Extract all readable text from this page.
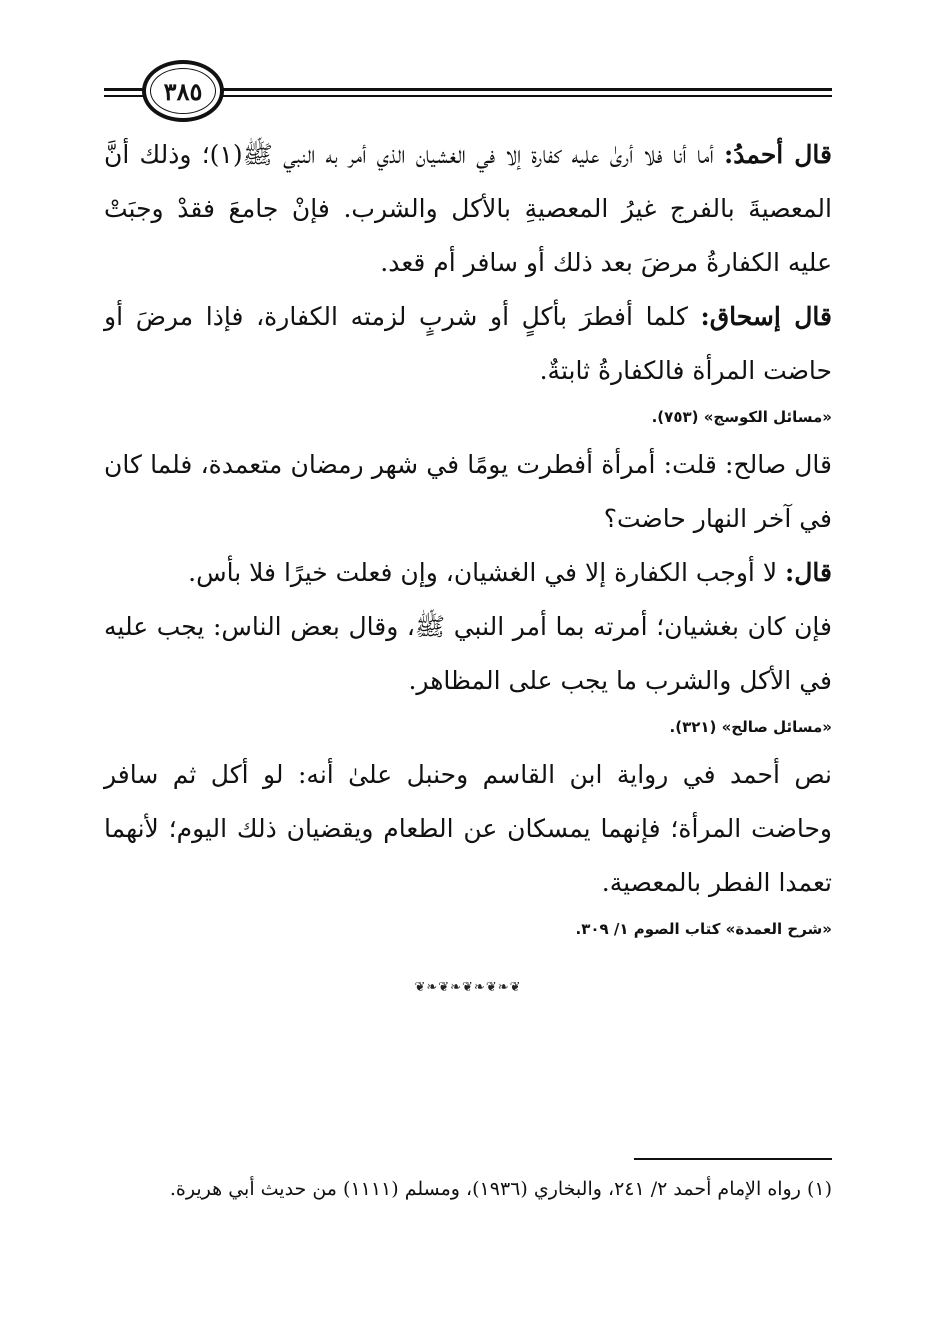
٣٨٥

قال أحمدُ: أما أنا فلا أرىٰ عليه كفارة إلا في الغشيان الذي أمر به النبي ﷺ(١)؛ وذلك أنَّ المعصيةَ بالفرج غيرُ المعصيةِ بالأكل والشرب. فإنْ جامعَ فقدْ وجبَتْ عليه الكفارةُ مرضَ بعد ذلك أو سافر أم قعد.

قال إسحاق: كلما أفطرَ بأكلٍ أو شربٍ لزمته الكفارة، فإذا مرضَ أو حاضت المرأة فالكفارةُ ثابتةٌ.

«مسائل الكوسج» (٧٥٣).

قال صالح: قلت: أمرأة أفطرت يومًا في شهر رمضان متعمدة، فلما كان في آخر النهار حاضت؟

قال: لا أوجب الكفارة إلا في الغشيان، وإن فعلت خيرًا فلا بأس.

فإن كان بغشيان؛ أمرته بما أمر النبي ﷺ، وقال بعض الناس: يجب عليه في الأكل والشرب ما يجب على المظاهر.

«مسائل صالح» (٣٢١).

نص أحمد في رواية ابن القاسم وحنبل علىٰ أنه: لو أكل ثم سافر وحاضت المرأة؛ فإنهما يمسكان عن الطعام ويقضيان ذلك اليوم؛ لأنهما تعمدا الفطر بالمعصية.

«شرح العمدة» كتاب الصوم ١/ ٣٠٩.

❦❧❦❧❦❧❦❧❦
(١) رواه الإمام أحمد ٢/ ٢٤١، والبخاري (١٩٣٦)، ومسلم (١١١١) من حديث أبي هريرة.
